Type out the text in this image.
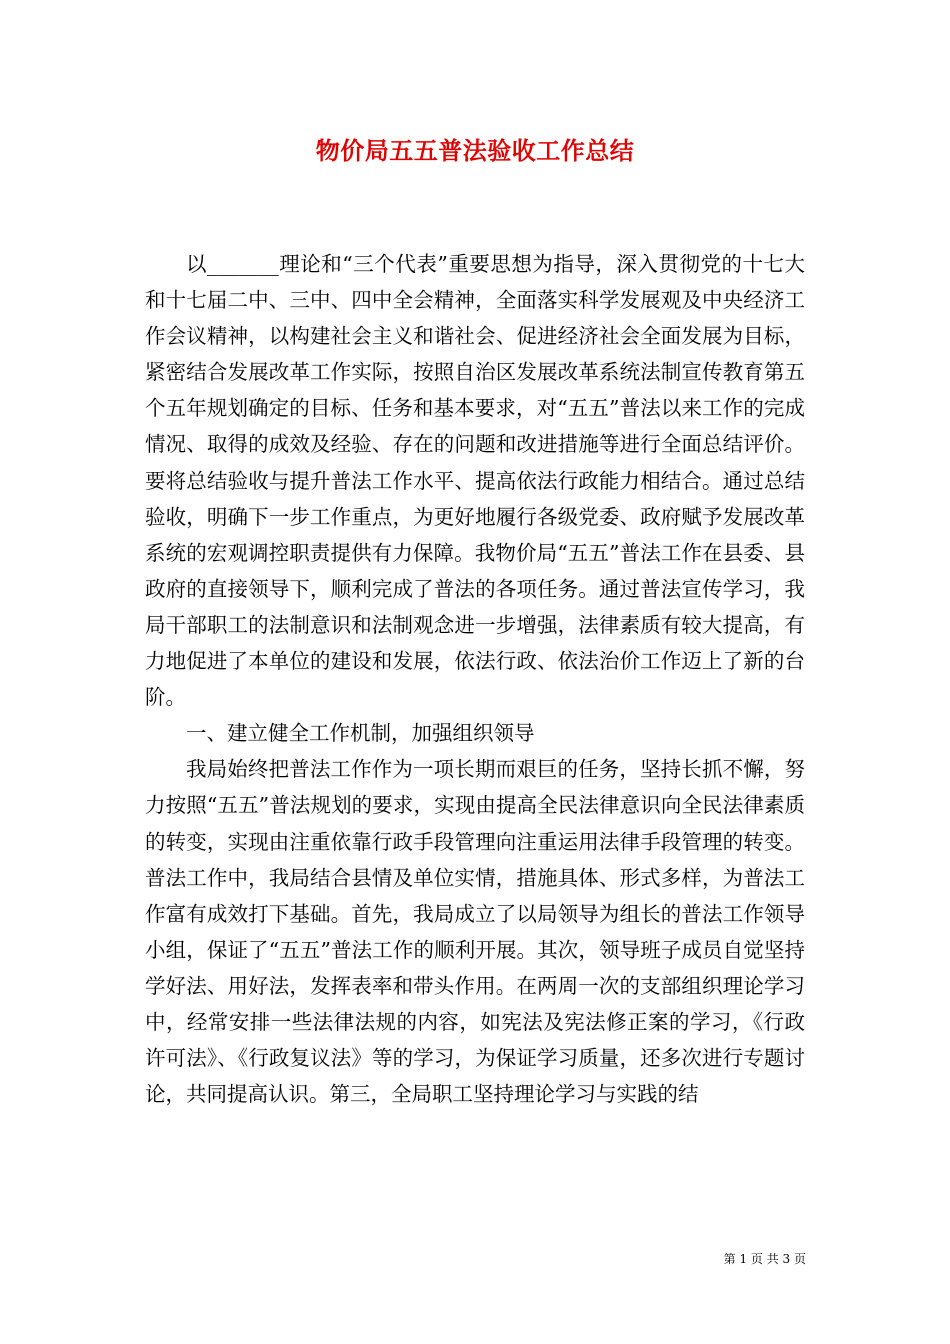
物价局五五普法验收工作总结

以_______理论和“三个代表”重要思想为指导，深入贯彻党的十七大和十七届二中、三中、四中全会精神，全面落实科学发展观及中央经济工作会议精神，以构建社会主义和谐社会、促进经济社会全面发展为目标，紧密结合发展改革工作实际，按照自治区发展改革系统法制宣传教育第五个五年规划确定的目标、任务和基本要求，对“五五”普法以来工作的完成情况、取得的成效及经验、存在的问题和改进措施等进行全面总结评价。要将总结验收与提升普法工作水平、提高依法行政能力相结合。通过总结验收，明确下一步工作重点，为更好地履行各级党委、政府赋予发展改革系统的宏观调控职责提供有力保障。我物价局“五五”普法工作在县委、县政府的直接领导下，顺利完成了普法的各项任务。通过普法宣传学习，我局干部职工的法制意识和法制观念进一步增强，法律素质有较大提高，有力地促进了本单位的建设和发展，依法行政、依法治价工作迈上了新的台阶。

一、建立健全工作机制，加强组织领导

我局始终把普法工作作为一项长期而艰巨的任务，坚持长抓不懈，努力按照“五五”普法规划的要求，实现由提高全民法律意识向全民法律素质的转变，实现由注重依靠行政手段管理向注重运用法律手段管理的转变。普法工作中，我局结合县情及单位实情，措施具体、形式多样，为普法工作富有成效打下基础。首先，我局成立了以局领导为组长的普法工作领导小组，保证了“五五”普法工作的顺利开展。其次，领导班子成员自觉坚持学好法、用好法，发挥表率和带头作用。在两周一次的支部组织理论学习中，经常安排一些法律法规的内容，如宪法及宪法修正案的学习，《行政许可法》、《行政复议法》等的学习，为保证学习质量，还多次进行专题讨论，共同提高认识。第三，全局职工坚持理论学习与实践的结

第 1 页 共 3 页
